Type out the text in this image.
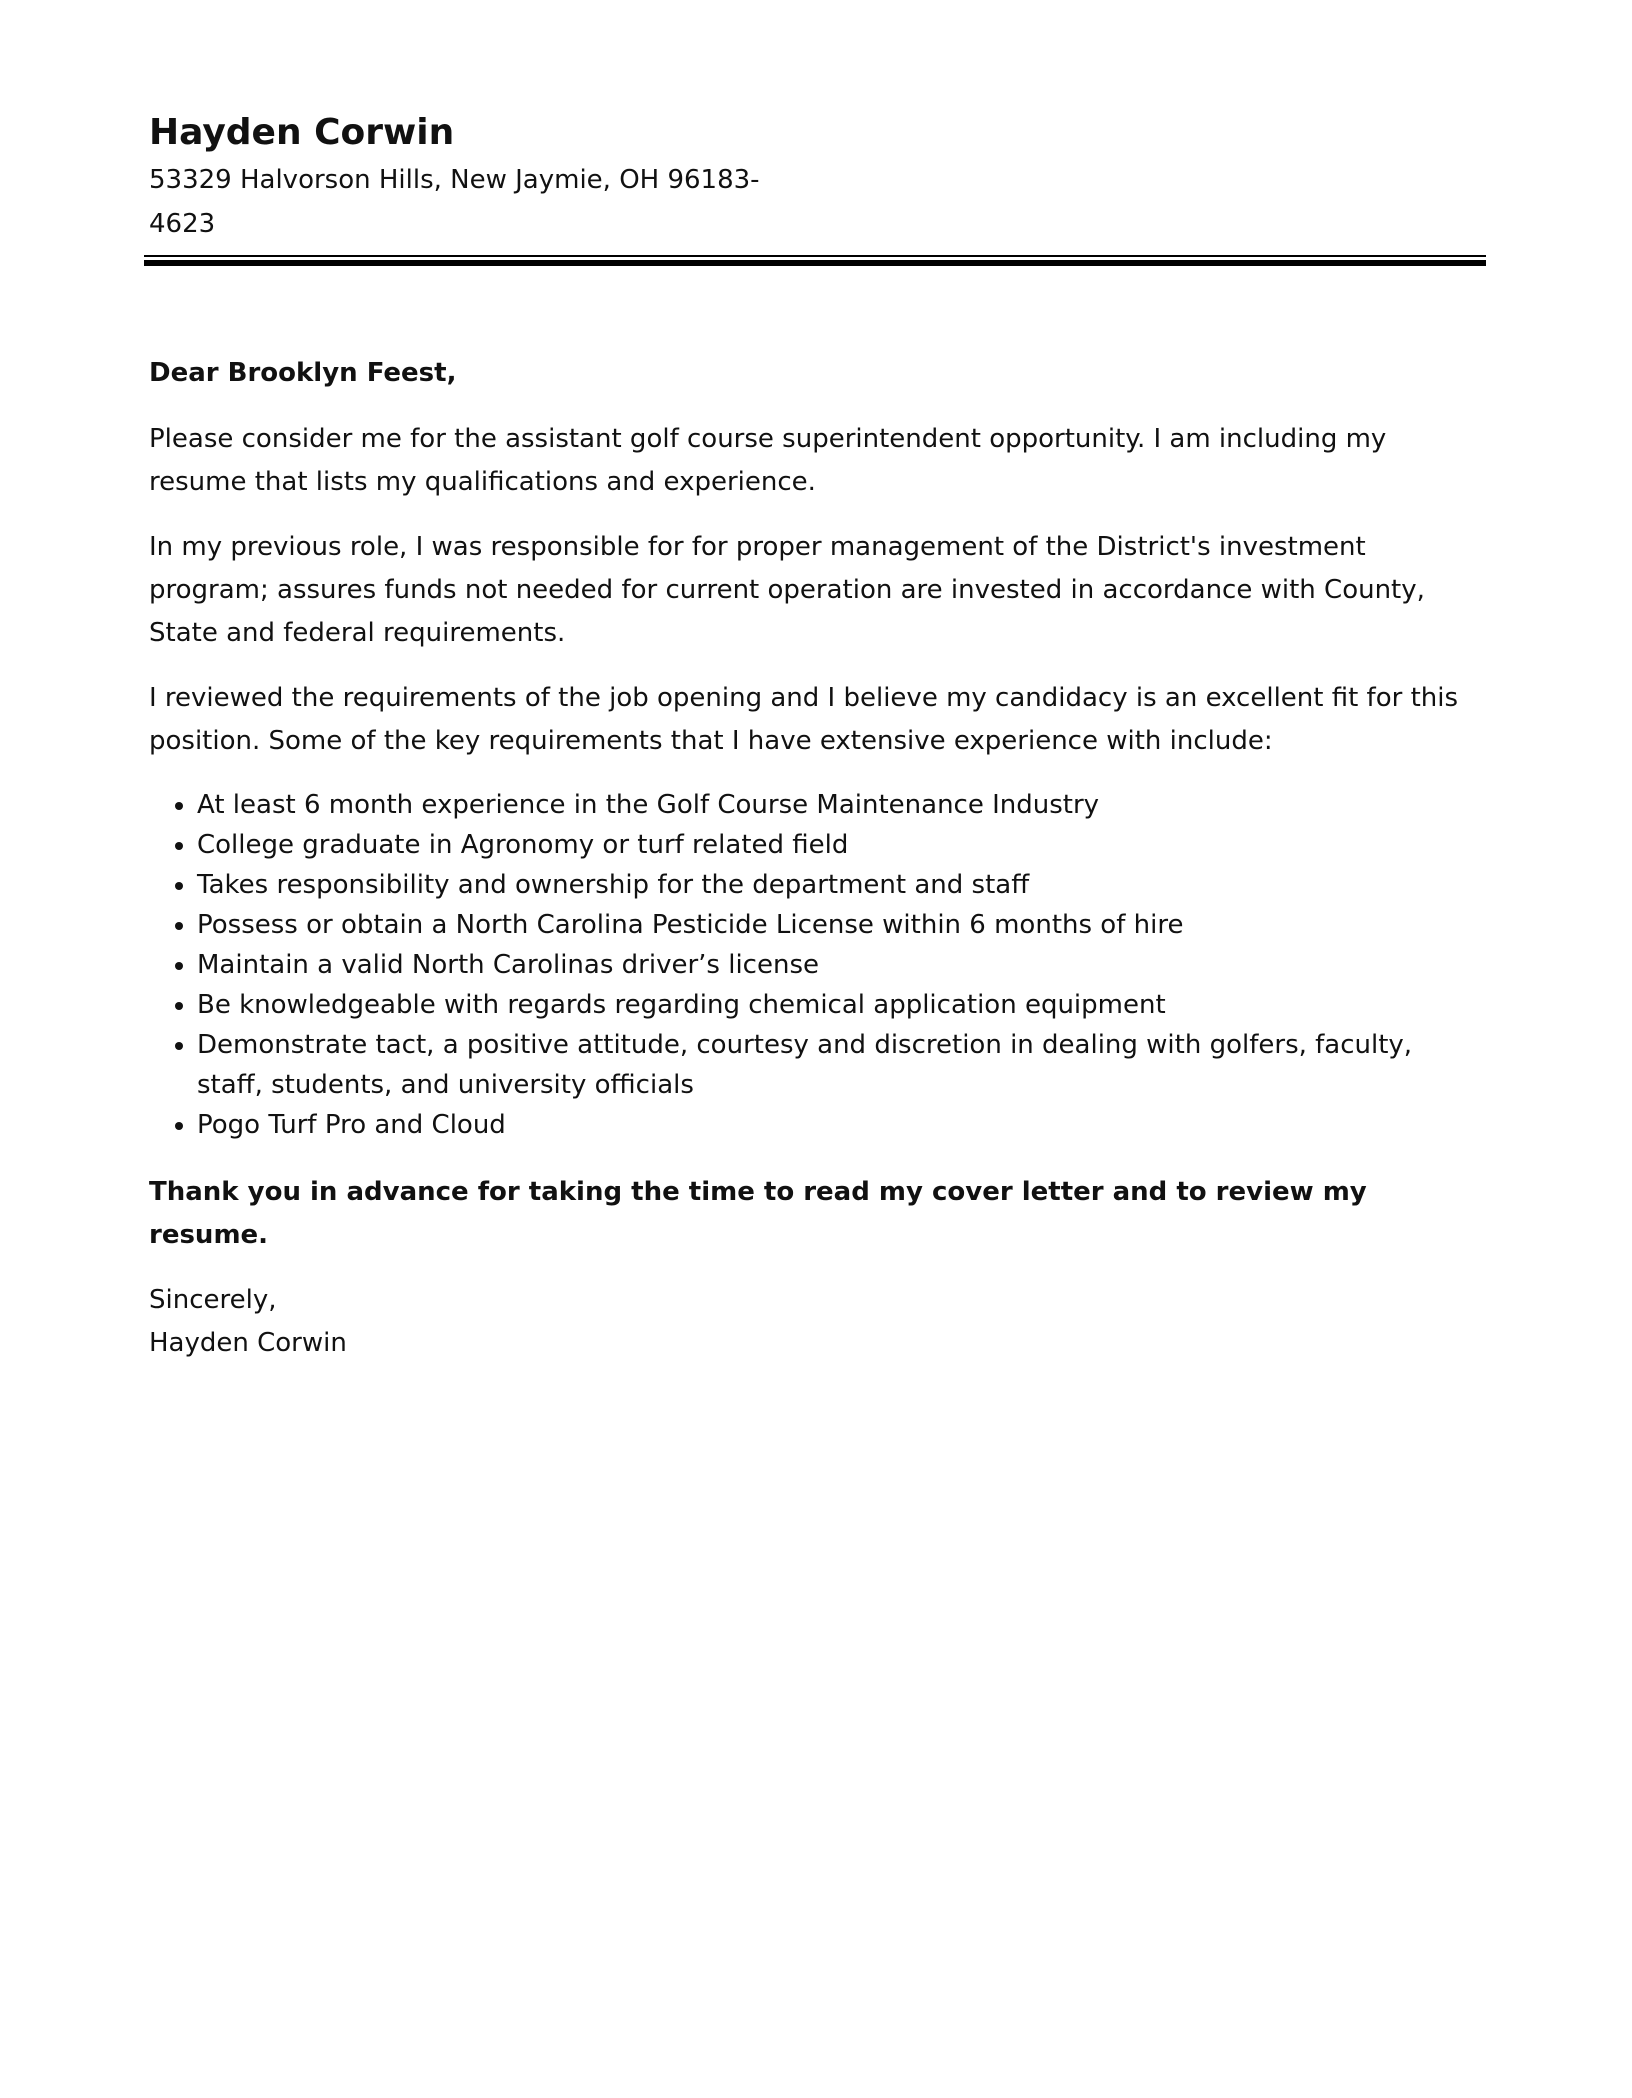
Hayden Corwin

53329 Halvorson Hills, New Jaymie, OH 96183-4623

Dear Brooklyn Feest,

Please consider me for the assistant golf course superintendent opportunity. I am including my resume that lists my qualifications and experience.

In my previous role, I was responsible for for proper management of the District's investment program; assures funds not needed for current operation are invested in accordance with County, State and federal requirements.

I reviewed the requirements of the job opening and I believe my candidacy is an excellent fit for this position. Some of the key requirements that I have extensive experience with include:

• At least 6 month experience in the Golf Course Maintenance Industry
• College graduate in Agronomy or turf related field
• Takes responsibility and ownership for the department and staff
• Possess or obtain a North Carolina Pesticide License within 6 months of hire
• Maintain a valid North Carolinas driver’s license
• Be knowledgeable with regards regarding chemical application equipment
• Demonstrate tact, a positive attitude, courtesy and discretion in dealing with golfers, faculty, staff, students, and university officials
• Pogo Turf Pro and Cloud

Thank you in advance for taking the time to read my cover letter and to review my resume.

Sincerely,

Hayden Corwin
